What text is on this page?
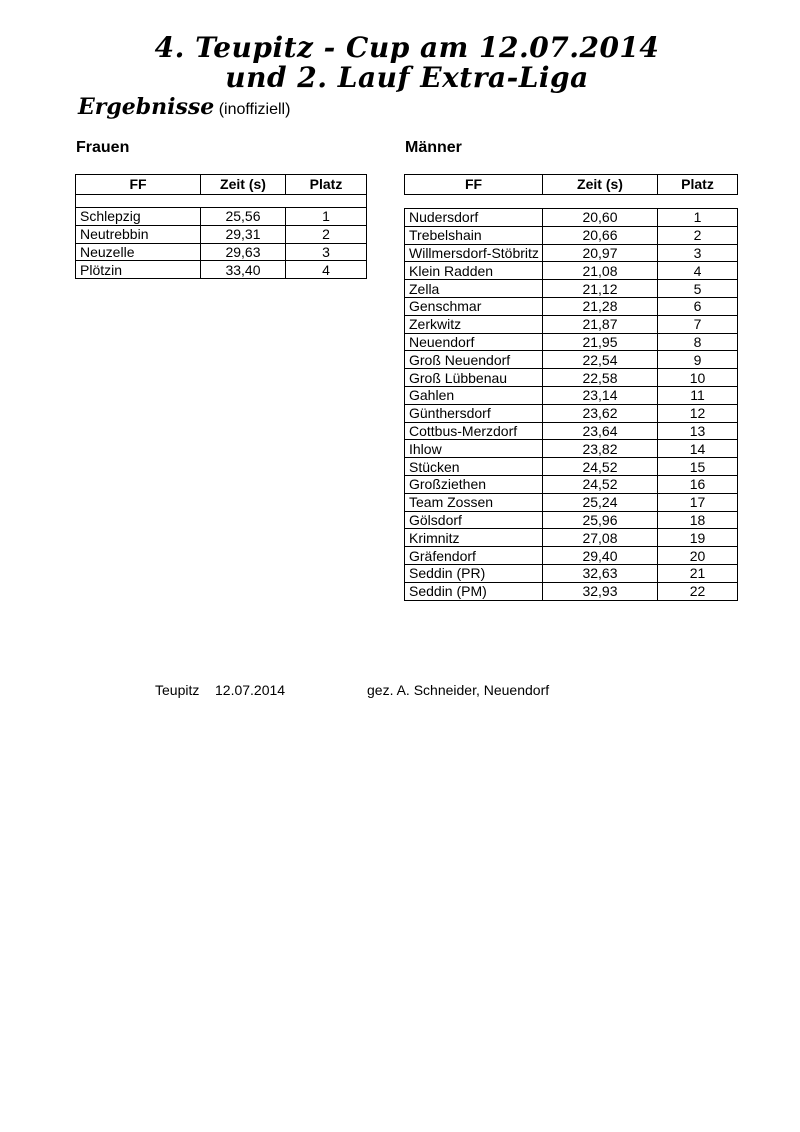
4. Teupitz - Cup am 12.07.2014
und 2. Lauf Extra-Liga
Ergebnisse (inoffiziell)
Frauen	Männer
FF	Zeit (s)	Platz

Schlepzig	25,56	1
Neutrebbin	29,31	2
Neuzelle	29,63	3
Plötzin	33,40	4
FF	Zeit (s)	Platz
Nudersdorf	20,60	1
Trebelshain	20,66	2
Willmersdorf-Stöbritz	20,97	3
Klein Radden	21,08	4
Zella	21,12	5
Genschmar	21,28	6
Zerkwitz	21,87	7
Neuendorf	21,95	8
Groß Neuendorf	22,54	9
Groß Lübbenau	22,58	10
Gahlen	23,14	11
Günthersdorf	23,62	12
Cottbus-Merzdorf	23,64	13
Ihlow	23,82	14
Stücken	24,52	15
Großziethen	24,52	16
Team Zossen	25,24	17
Gölsdorf	25,96	18
Krimnitz	27,08	19
Gräfendorf	29,40	20
Seddin (PR)	32,63	21
Seddin (PM)	32,93	22
Teupitz 12.07.2014	gez. A. Schneider, Neuendorf
